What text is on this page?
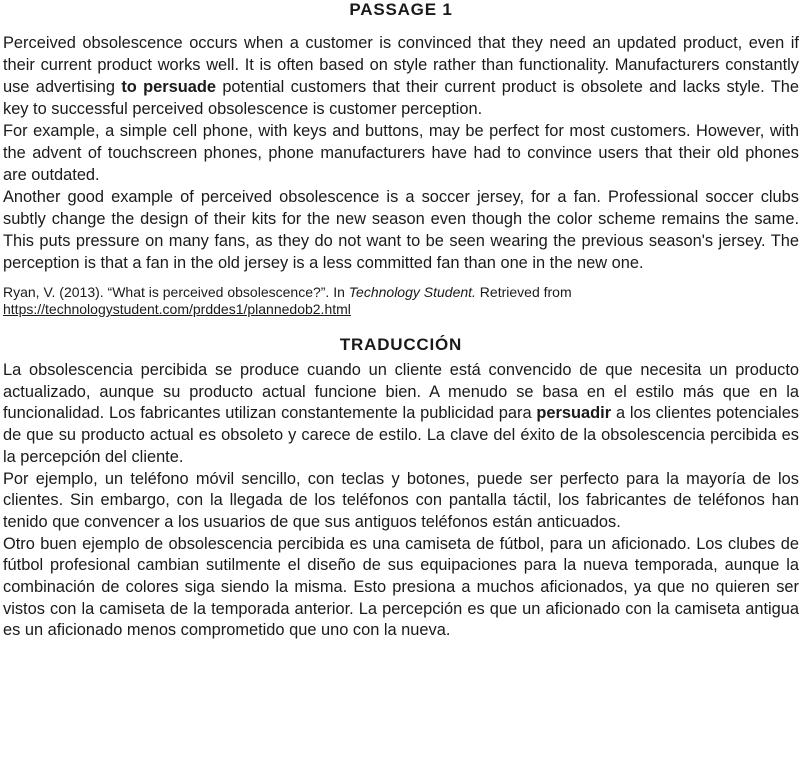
PASSAGE 1

Perceived obsolescence occurs when a customer is convinced that they need an updated product, even if their current product works well. It is often based on style rather than functionality. Manufacturers constantly use advertising to persuade potential customers that their current product is obsolete and lacks style. The key to successful perceived obsolescence is customer perception.

For example, a simple cell phone, with keys and buttons, may be perfect for most customers. However, with the advent of touchscreen phones, phone manufacturers have had to convince users that their old phones are outdated.

Another good example of perceived obsolescence is a soccer jersey, for a fan. Professional soccer clubs subtly change the design of their kits for the new season even though the color scheme remains the same. This puts pressure on many fans, as they do not want to be seen wearing the previous season's jersey. The perception is that a fan in the old jersey is a less committed fan than one in the new one.

Ryan, V. (2013). “What is perceived obsolescence?”. In Technology Student. Retrieved from
https://technologystudent.com/prddes1/plannedob2.html

TRADUCCIÓN

La obsolescencia percibida se produce cuando un cliente está convencido de que necesita un producto actualizado, aunque su producto actual funcione bien. A menudo se basa en el estilo más que en la funcionalidad. Los fabricantes utilizan constantemente la publicidad para persuadir a los clientes potenciales de que su producto actual es obsoleto y carece de estilo. La clave del éxito de la obsolescencia percibida es la percepción del cliente.

Por ejemplo, un teléfono móvil sencillo, con teclas y botones, puede ser perfecto para la mayoría de los clientes. Sin embargo, con la llegada de los teléfonos con pantalla táctil, los fabricantes de teléfonos han tenido que convencer a los usuarios de que sus antiguos teléfonos están anticuados.

Otro buen ejemplo de obsolescencia percibida es una camiseta de fútbol, para un aficionado. Los clubes de fútbol profesional cambian sutilmente el diseño de sus equipaciones para la nueva temporada, aunque la combinación de colores siga siendo la misma. Esto presiona a muchos aficionados, ya que no quieren ser vistos con la camiseta de la temporada anterior. La percepción es que un aficionado con la camiseta antigua es un aficionado menos comprometido que uno con la nueva.
